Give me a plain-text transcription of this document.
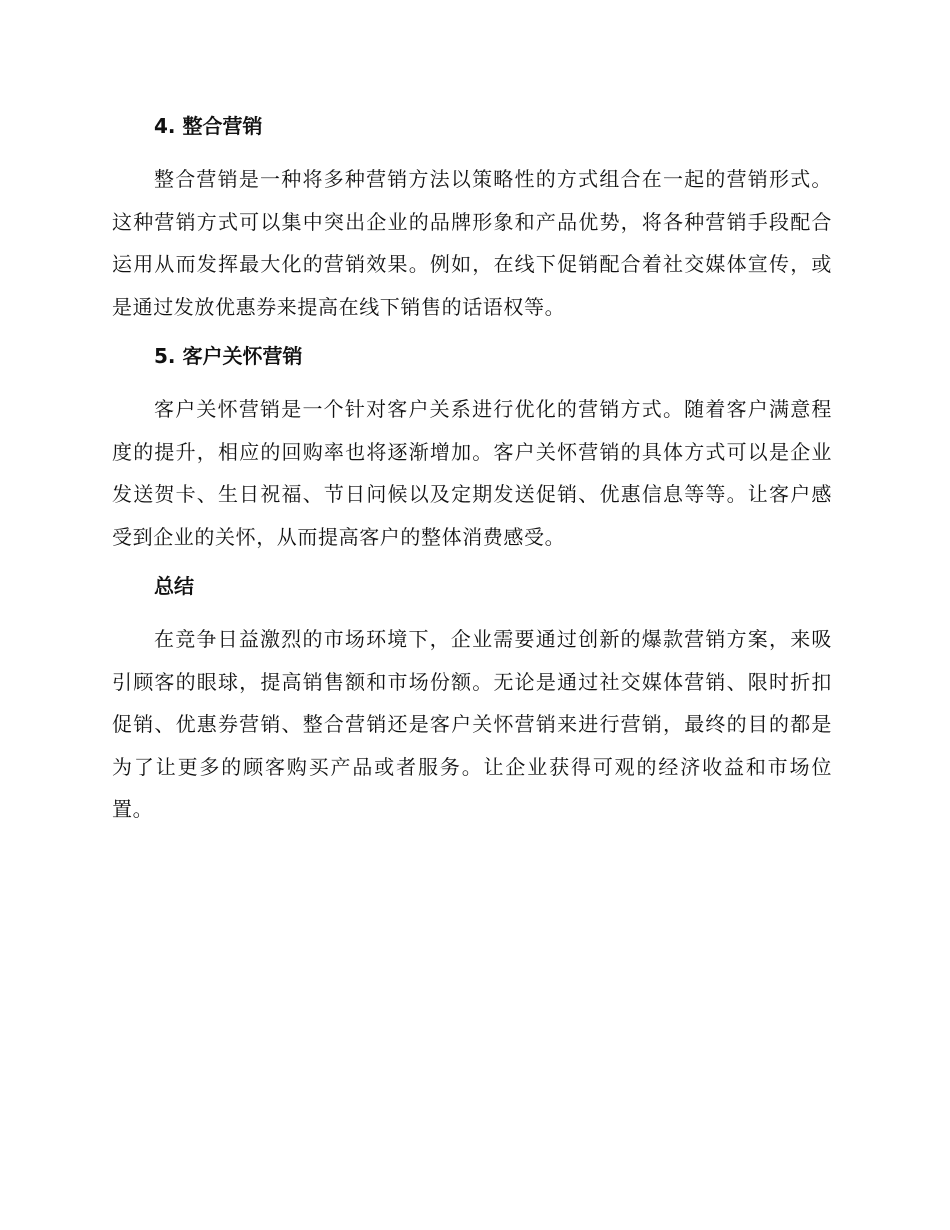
4. 整合营销

整合营销是一种将多种营销方法以策略性的方式组合在一起的营销形式。这种营销方式可以集中突出企业的品牌形象和产品优势，将各种营销手段配合运用从而发挥最大化的营销效果。例如，在线下促销配合着社交媒体宣传，或是通过发放优惠券来提高在线下销售的话语权等。

5. 客户关怀营销

客户关怀营销是一个针对客户关系进行优化的营销方式。随着客户满意程度的提升，相应的回购率也将逐渐增加。客户关怀营销的具体方式可以是企业发送贺卡、生日祝福、节日问候以及定期发送促销、优惠信息等等。让客户感受到企业的关怀，从而提高客户的整体消费感受。

总结

在竞争日益激烈的市场环境下，企业需要通过创新的爆款营销方案，来吸引顾客的眼球，提高销售额和市场份额。无论是通过社交媒体营销、限时折扣促销、优惠券营销、整合营销还是客户关怀营销来进行营销，最终的目的都是为了让更多的顾客购买产品或者服务。让企业获得可观的经济收益和市场位置。
